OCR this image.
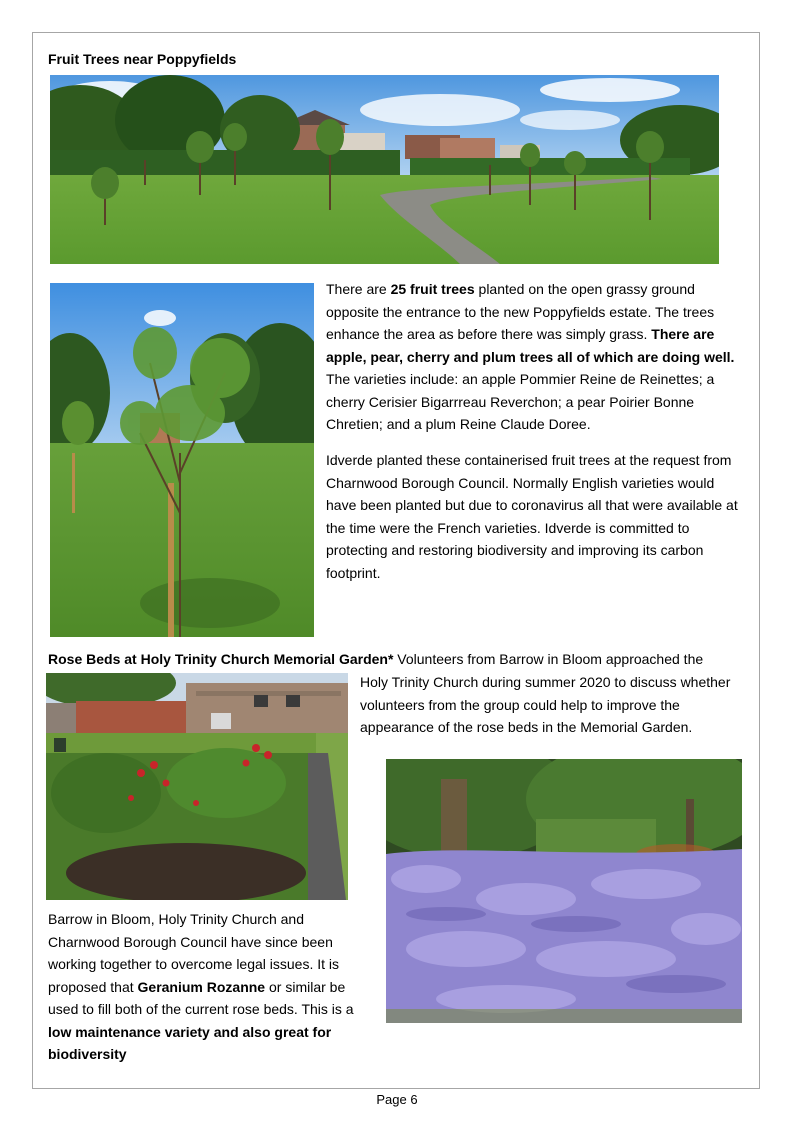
Fruit Trees near Poppyfields
There are 25 fruit trees planted on the open grassy ground opposite the entrance to the new Poppyfields estate. The trees enhance the area as before there was simply grass. There are apple, pear, cherry and plum trees all of which are doing well. The varieties include: an apple Pommier Reine de Reinettes; a cherry Cerisier Bigarrreau Reverchon; a pear Poirier Bonne Chretien; and a plum Reine Claude Doree.
Idverde planted these containerised fruit trees at the request from Charnwood Borough Council. Normally English varieties would have been planted but due to coronavirus all that were available at the time were the French varieties. Idverde is committed to protecting and restoring biodiversity and improving its carbon footprint.
Rose Beds at Holy Trinity Church Memorial Garden* Volunteers from Barrow in Bloom approached the
Holy Trinity Church during summer 2020 to discuss whether volunteers from the group could help to improve the appearance of the rose beds in the Memorial Garden.
Barrow in Bloom, Holy Trinity Church and Charnwood Borough Council have since been working together to overcome legal issues. It is proposed that Geranium Rozanne or similar be used to fill both of the current rose beds. This is a low maintenance variety and also great for biodiversity
Page 6
